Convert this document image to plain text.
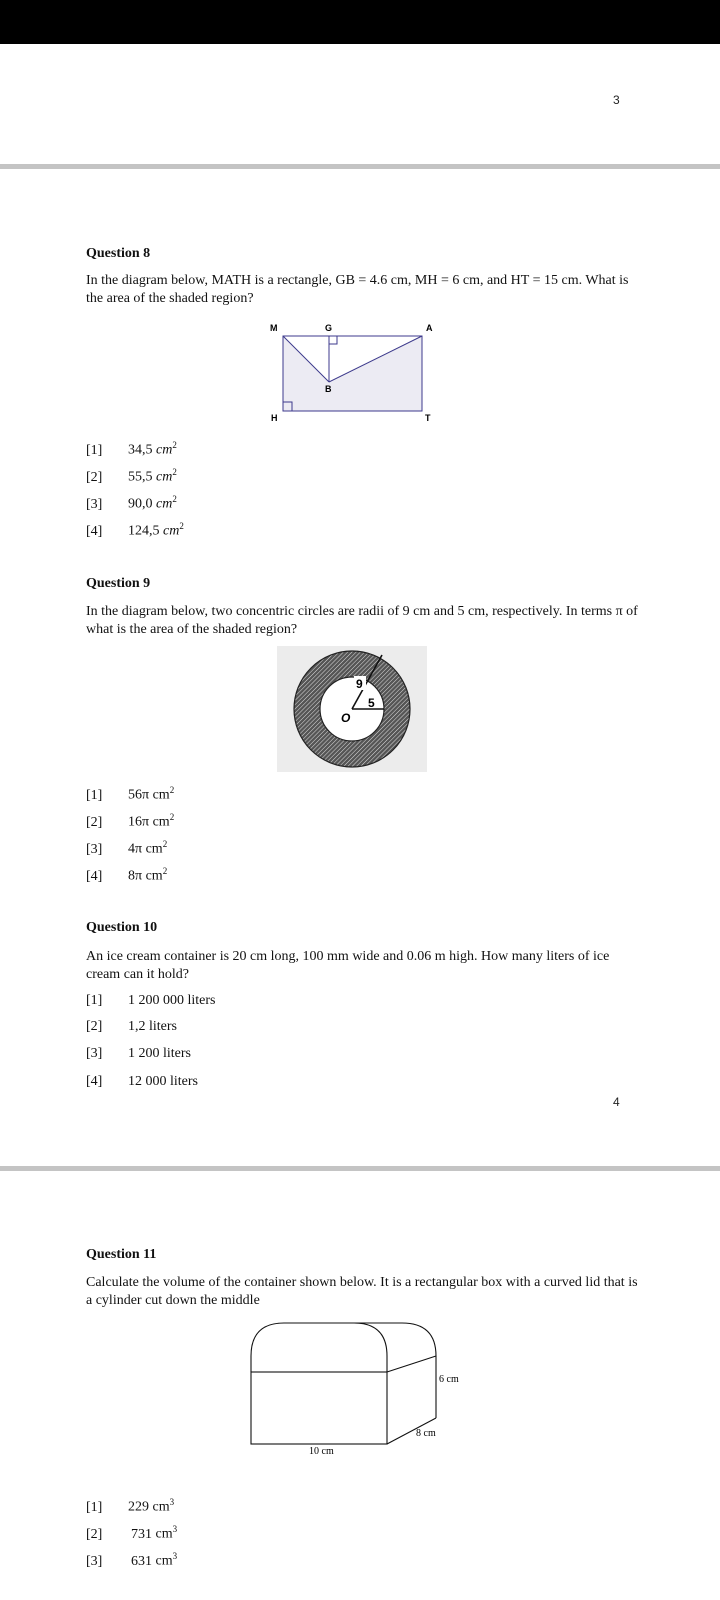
3
Question 8
In the diagram below, MATH is a rectangle, GB = 4.6 cm, MH = 6 cm, and HT = 15 cm. What is the area of the shaded region?
M	G	A
B
H	T
[1] 34,5 $cm^2$
[2] 55,5 $cm^2$
[3] 90,0 $cm^2$
[4] 124,5 $cm^2$
Question 9
In the diagram below, two concentric circles are radii of 9 cm and 5 cm, respectively. In terms π of what is the area of the shaded region?
9
5
O
[1] 56π $cm^2$
[2] 16π $cm^2$
[3] 4π $cm^2$
[4] 8π $cm^2$
Question 10
An ice cream container is 20 cm long, 100 mm wide and 0.06 m high. How many liters of ice cream can it hold?
[1] 1 200 000 liters
[2] 1,2 liters
[3] 1 200 liters
[4] 12 000 liters
4
Question 11
Calculate the volume of the container shown below. It is a rectangular box with a curved lid that is a cylinder cut down the middle
6 cm
8 cm
10 cm
[1] 229 $cm^3$
[2] 731 $cm^3$
[3] 631 $cm^3$
